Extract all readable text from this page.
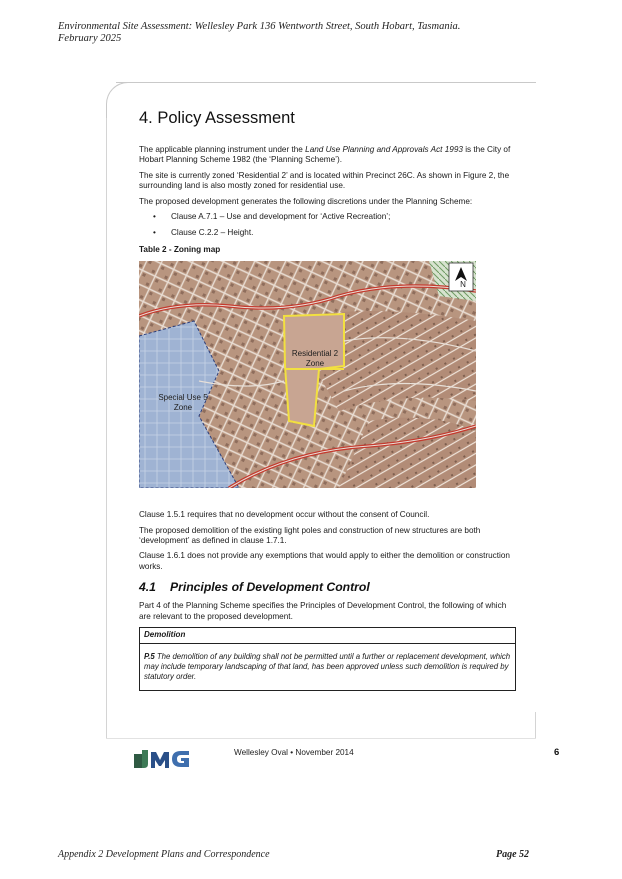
Environmental Site Assessment: Wellesley Park 136 Wentworth Street, South Hobart, Tasmania.
February 2025
4. Policy Assessment

The applicable planning instrument under the Land Use Planning and Approvals Act 1993 is the City of Hobart Planning Scheme 1982 (the ‘Planning Scheme’).

The site is currently zoned ‘Residential 2’ and is located within Precinct 26C. As shown in Figure 2, the surrounding land is also mostly zoned for residential use.

The proposed development generates the following discretions under the Planning Scheme:

• Clause A.7.1 – Use and development for ‘Active Recreation’;
• Clause C.2.2 – Height.
Table 2 - Zoning map
N
Residential 2 Zone
Special Use 5 Zone

Clause 1.5.1 requires that no development occur without the consent of Council.

The proposed demolition of the existing light poles and construction of new structures are both ‘development’ as defined in clause 1.7.1.

Clause 1.6.1 does not provide any exemptions that would apply to either the demolition or construction works.

4.1 Principles of Development Control

Part 4 of the Planning Scheme specifies the Principles of Development Control, the following of which are relevant to the proposed development.

Demolition
P.5 The demolition of any building shall not be permitted until a further or replacement development, which may include temporary landscaping of that land, has been approved unless such demolition is required by statutory order.
Wellesley Oval • November 2014	6
Appendix 2 Development Plans and Correspondence	Page 52
